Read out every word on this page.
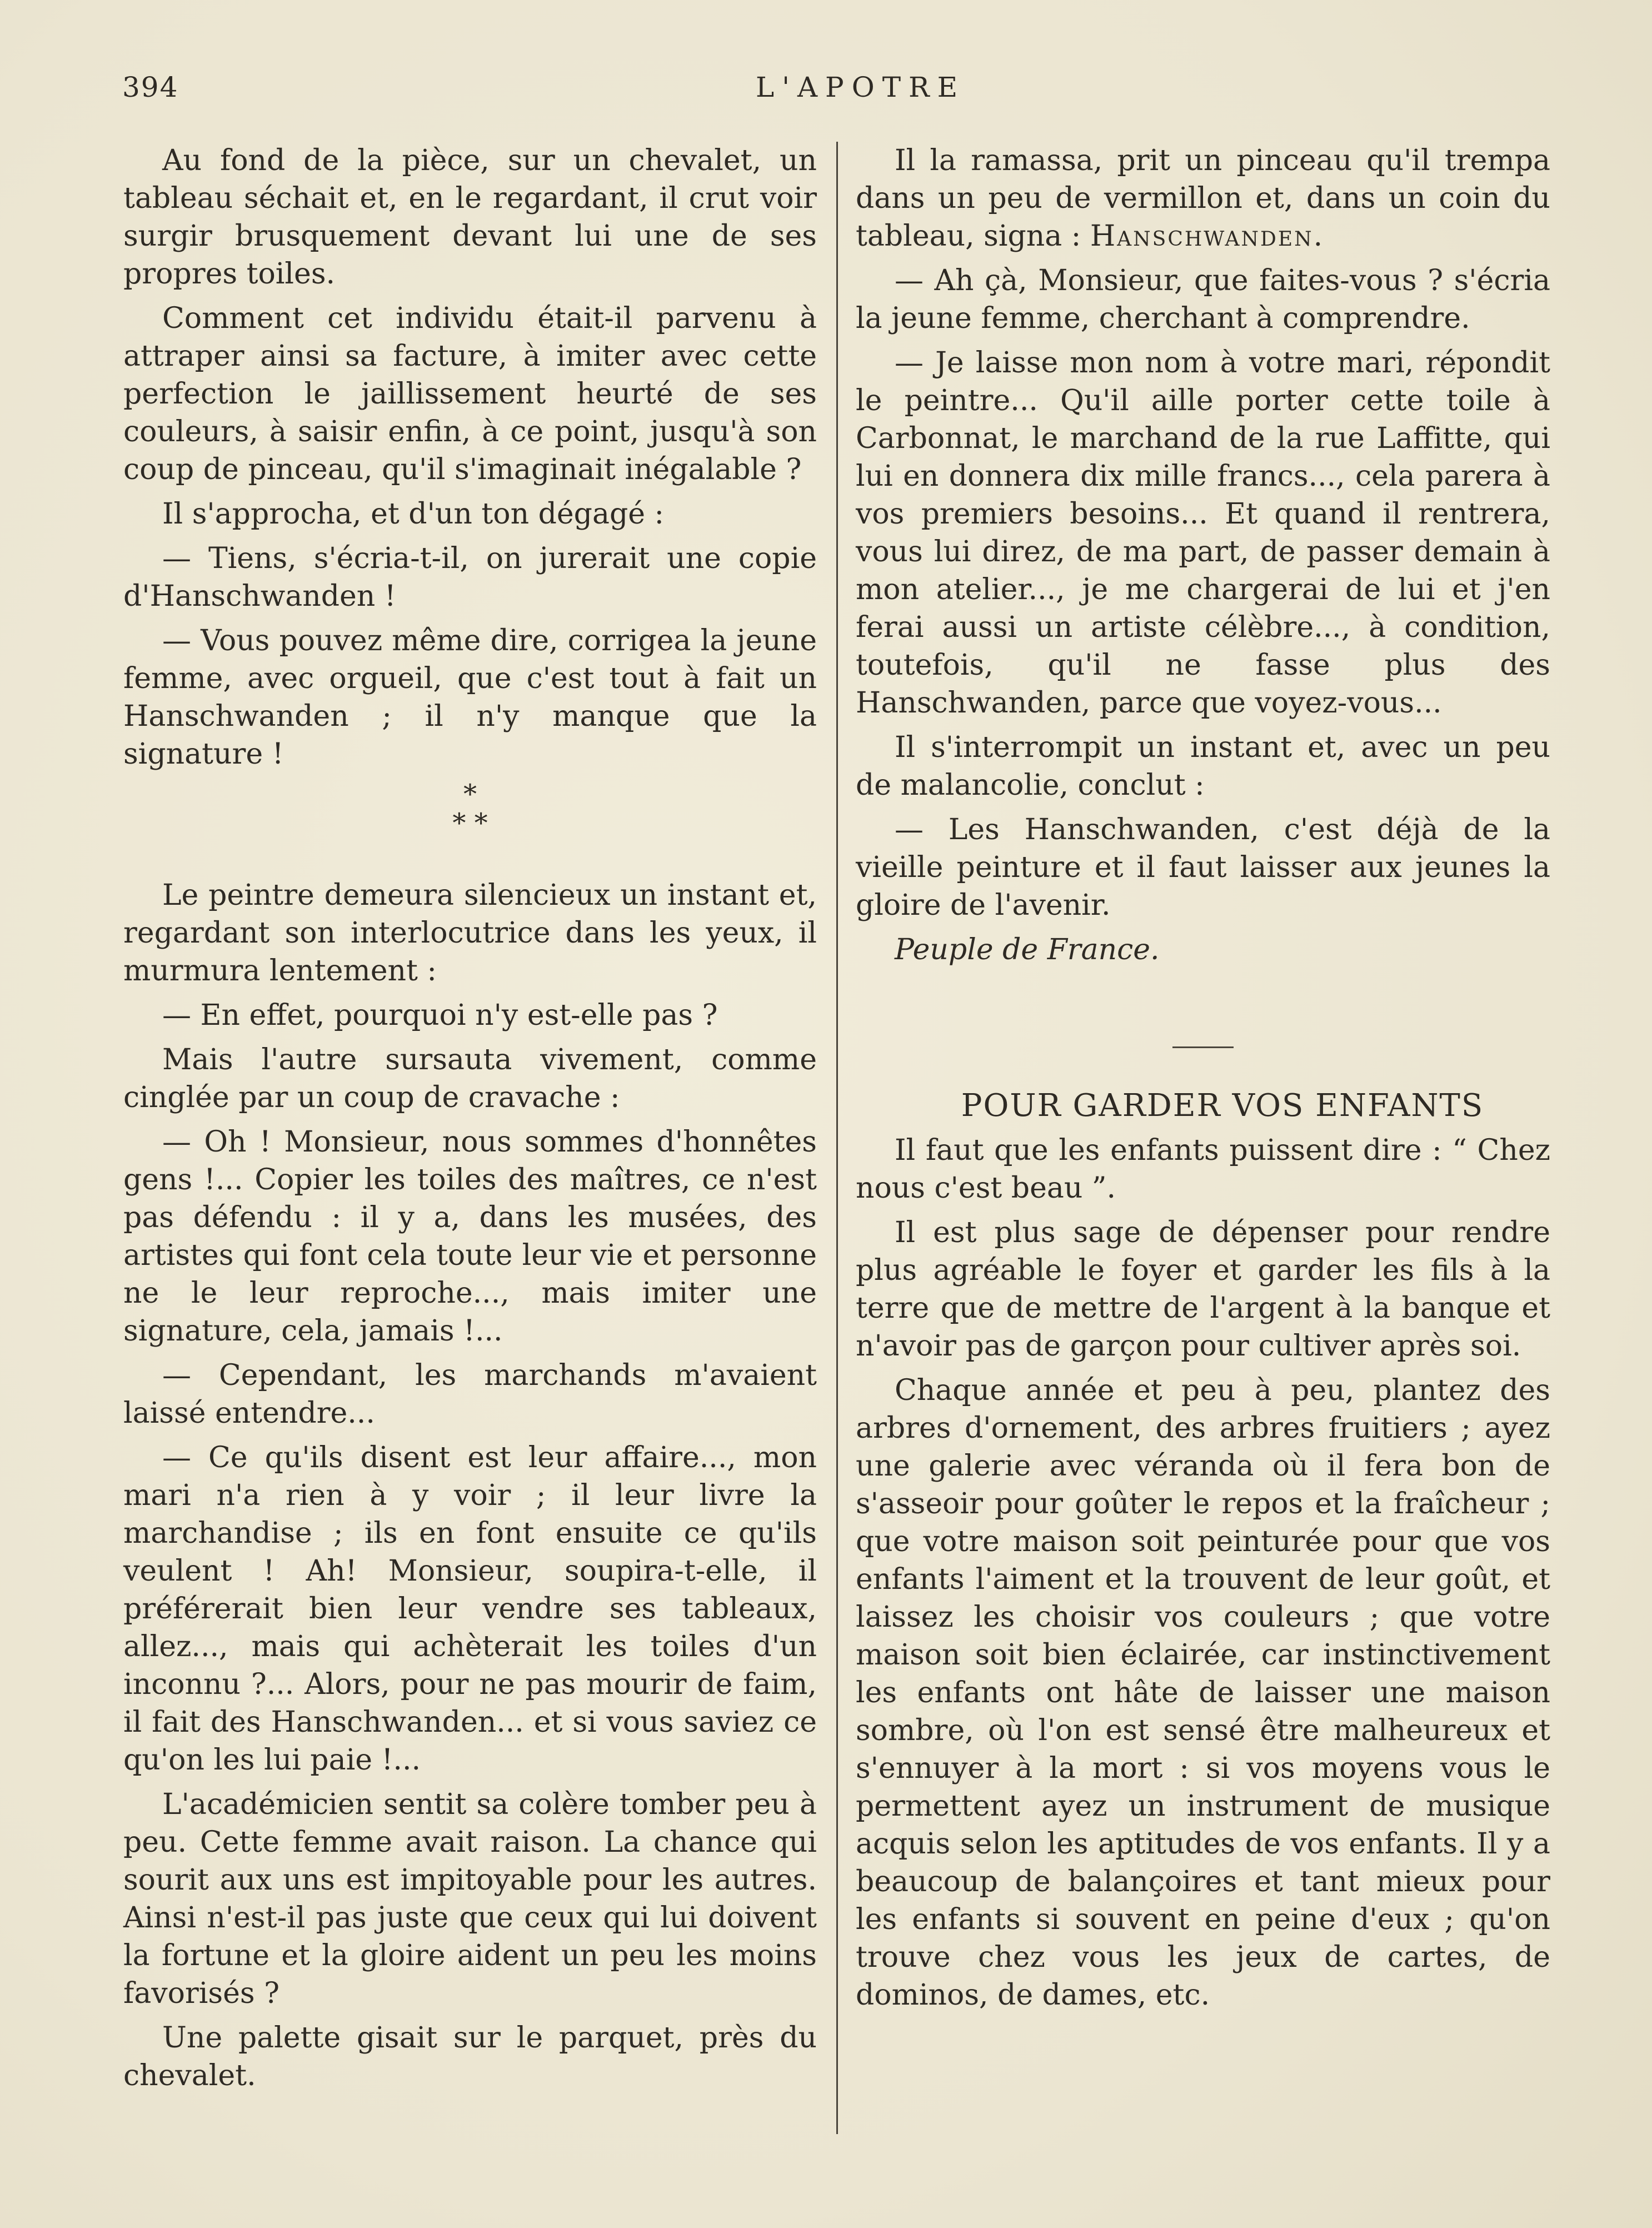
394	L'APOTRE

Au fond de la pièce, sur un chevalet, un tableau séchait et, en le regardant, il crut voir surgir brusquement devant lui une de ses propres toiles.

Comment cet individu était-il parvenu à attraper ainsi sa facture, à imiter avec cette perfection le jaillissement heurté de ses couleurs, à saisir enfin, à ce point, jusqu'à son coup de pinceau, qu'il s'imaginait inégalable ?

Il s'approcha, et d'un ton dégagé :

— Tiens, s'écria-t-il, on jurerait une copie d'Hanschwanden !

— Vous pouvez même dire, corrigea la jeune femme, avec orgueil, que c'est tout à fait un Hanschwanden ; il n'y manque que la signature !

*
* *

Le peintre demeura silencieux un instant et, regardant son interlocutrice dans les yeux, il murmura lentement :

— En effet, pourquoi n'y est-elle pas ?

Mais l'autre sursauta vivement, comme cinglée par un coup de cravache :

— Oh ! Monsieur, nous sommes d'honnêtes gens !... Copier les toiles des maîtres, ce n'est pas défendu : il y a, dans les musées, des artistes qui font cela toute leur vie et personne ne le leur reproche..., mais imiter une signature, cela, jamais !...

— Cependant, les marchands m'avaient laissé entendre...

— Ce qu'ils disent est leur affaire..., mon mari n'a rien à y voir ; il leur livre la marchandise ; ils en font ensuite ce qu'ils veulent ! Ah! Monsieur, soupira-t-elle, il préférerait bien leur vendre ses tableaux, allez..., mais qui achèterait les toiles d'un inconnu ?... Alors, pour ne pas mourir de faim, il fait des Hanschwanden... et si vous saviez ce qu'on les lui paie !...

L'académicien sentit sa colère tomber peu à peu. Cette femme avait raison. La chance qui sourit aux uns est impitoyable pour les autres. Ainsi n'est-il pas juste que ceux qui lui doivent la fortune et la gloire aident un peu les moins favorisés ?

Une palette gisait sur le parquet, près du chevalet.

Il la ramassa, prit un pinceau qu'il trempa dans un peu de vermillon et, dans un coin du tableau, signa : Hanschwanden.

— Ah çà, Monsieur, que faites-vous ? s'écria la jeune femme, cherchant à comprendre.

— Je laisse mon nom à votre mari, répondit le peintre... Qu'il aille porter cette toile à Carbonnat, le marchand de la rue Laffitte, qui lui en donnera dix mille francs..., cela parera à vos premiers besoins... Et quand il rentrera, vous lui direz, de ma part, de passer demain à mon atelier..., je me chargerai de lui et j'en ferai aussi un artiste célèbre..., à condition, toutefois, qu'il ne fasse plus des Hanschwanden, parce que voyez-vous...

Il s'interrompit un instant et, avec un peu de malancolie, conclut :

— Les Hanschwanden, c'est déjà de la vieille peinture et il faut laisser aux jeunes la gloire de l'avenir.

Peuple de France.

POUR GARDER VOS ENFANTS

Il faut que les enfants puissent dire : “ Chez nous c'est beau ”.

Il est plus sage de dépenser pour rendre plus agréable le foyer et garder les fils à la terre que de mettre de l'argent à la banque et n'avoir pas de garçon pour cultiver après soi.

Chaque année et peu à peu, plantez des arbres d'ornement, des arbres fruitiers ; ayez une galerie avec véranda où il fera bon de s'asseoir pour goûter le repos et la fraîcheur ; que votre maison soit peinturée pour que vos enfants l'aiment et la trouvent de leur goût, et laissez les choisir vos couleurs ; que votre maison soit bien éclairée, car instinctivement les enfants ont hâte de laisser une maison sombre, où l'on est sensé être malheureux et s'ennuyer à la mort : si vos moyens vous le permettent ayez un instrument de musique acquis selon les aptitudes de vos enfants. Il y a beaucoup de balançoires et tant mieux pour les enfants si souvent en peine d'eux ; qu'on trouve chez vous les jeux de cartes, de dominos, de dames, etc.
